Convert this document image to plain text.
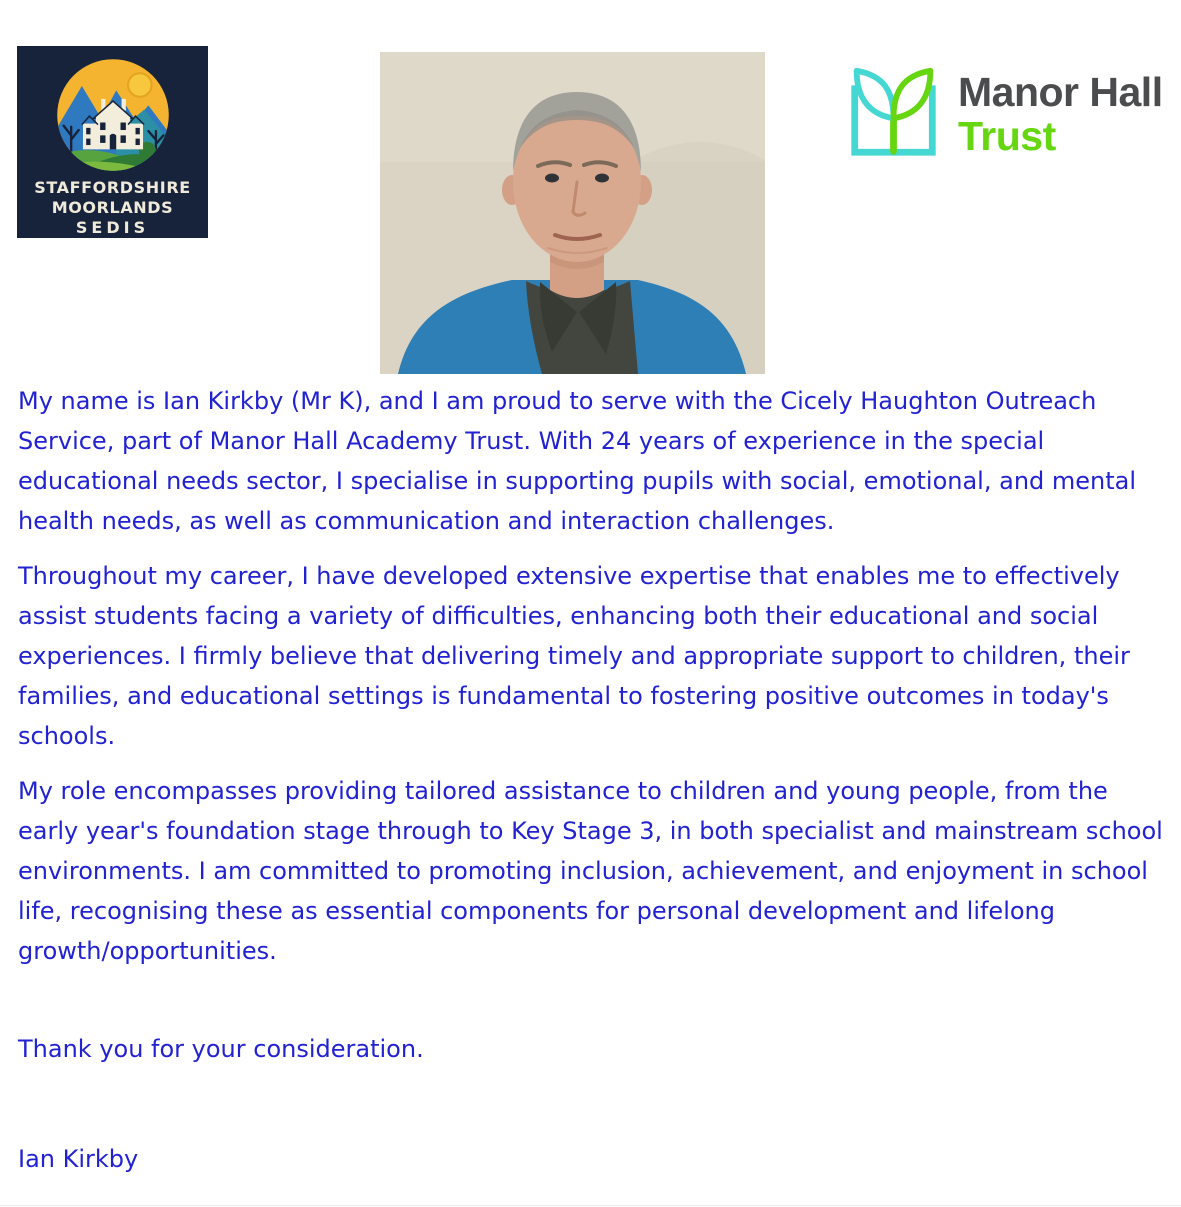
STAFFORDSHIRE
MOORLANDS
SEDIS
Manor Hall
Trust

My name is Ian Kirkby (Mr K), and I am proud to serve with the Cicely Haughton Outreach Service, part of Manor Hall Academy Trust. With 24 years of experience in the special educational needs sector, I specialise in supporting pupils with social, emotional, and mental health needs, as well as communication and interaction challenges.

Throughout my career, I have developed extensive expertise that enables me to effectively assist students facing a variety of difficulties, enhancing both their educational and social experiences. I firmly believe that delivering timely and appropriate support to children, their families, and educational settings is fundamental to fostering positive outcomes in today's schools.

My role encompasses providing tailored assistance to children and young people, from the early year's foundation stage through to Key Stage 3, in both specialist and mainstream school environments. I am committed to promoting inclusion, achievement, and enjoyment in school life, recognising these as essential components for personal development and lifelong growth/opportunities.

Thank you for your consideration.

Ian Kirkby
